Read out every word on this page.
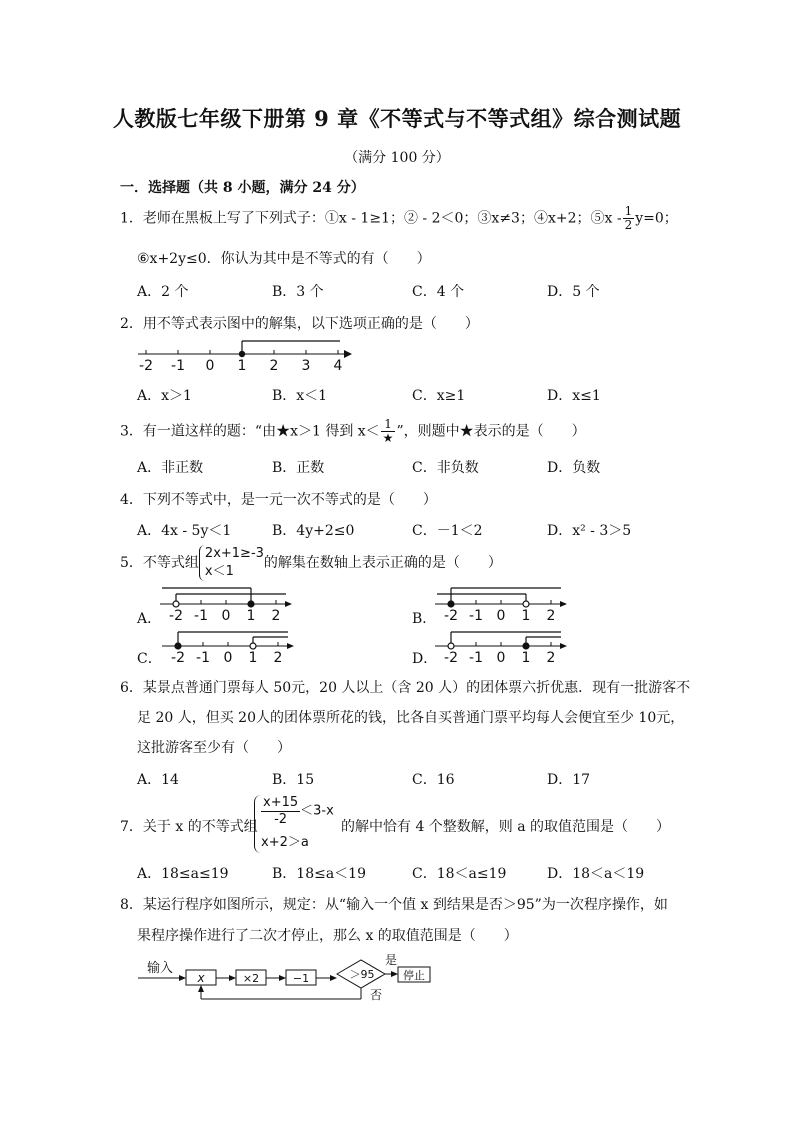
人教版七年级下册第 9 章《不等式与不等式组》综合测试题
（满分 100 分）
一．选择题（共 8 小题，满分 24 分）
1．老师在黑板上写了下列式子：①x - 1≥1；② - 2＜0；③x≠3；④x+2；⑤x - $\frac{1}{2} y=0$；
⑥x+2y≤0．你认为其中是不等式的有（　　）
A．2 个	B．3 个	C．4 个	D．5 个
2．用不等式表示图中的解集，以下选项正确的是（　　）
-2 -1 0 1 2 3 4
A．x＞1	B．x＜1	C．x≥1	D．x≤1
3．有一道这样的题：“由★x＞1 得到 $x< \frac{1}{★}$ ”，则题中★表示的是（　　）
A．非正数	B．正数	C．非负数	D．负数
4．下列不等式中，是一元一次不等式的是（　　）
A．4x - 5y＜1	B．4y+2≤0	C．－1＜2	D．x² - 3＞5
5．不等式组
2x+1≥-3
x＜1
的解集在数轴上表示正确的是（　　）
A． -2 -1 0 1 2	B． -2 -1 0 1 2
C． -2 -1 0 1 2	D． -2 -1 0 1 2
6．某景点普通门票每人 50元，20 人以上（含 20 人）的团体票六折优惠．现有一批游客不
足 20 人，但买 20人的团体票所花的钱，比各自买普通门票平均每人会便宜至少 10元，
这批游客至少有（　　）
A．14	B．15	C．16	D．17
7．关于 x 的不等式组 $\frac{x+15}{-2} <3-x$
x+2＞a
的解中恰有 4 个整数解，则 a 的取值范围是（　　）
A．18≤a≤19	B．18≤a＜19	C．18＜a≤19	D．18＜a＜19
8．某运行程序如图所示，规定：从“输入一个值 x 到结果是否＞95”为一次程序操作，如
果程序操作进行了二次才停止，那么 x 的取值范围是（　　）
输入
x	×2	−1	＞95
是
停止
否
